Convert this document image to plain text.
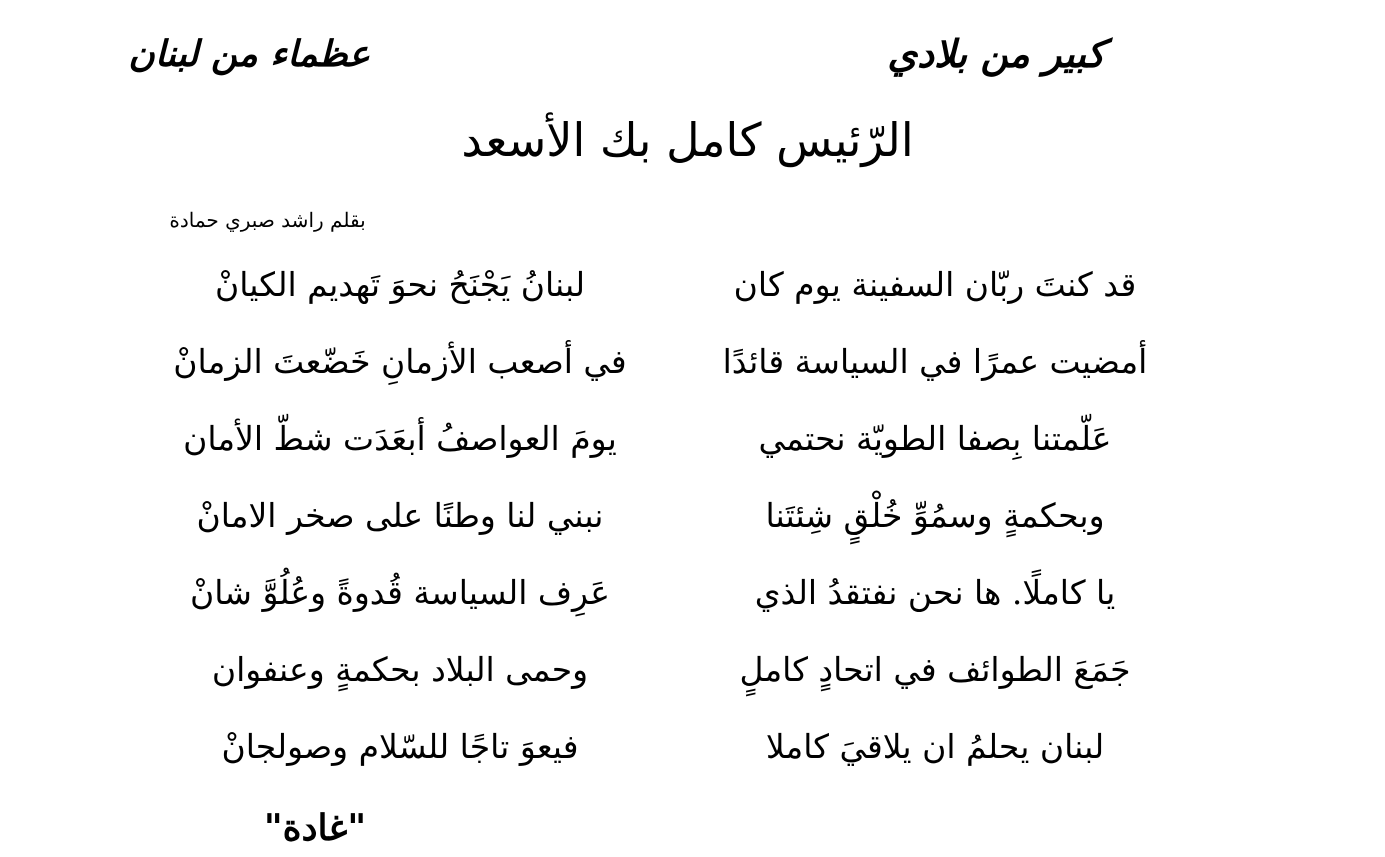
كبير من بلادي
عظماء من لبنان
الرّئيس كامل بك الأسعد
بقلم راشد صبري حمادة
قد كنتَ ربّان السفينة يوم كان
لبنانُ يَجْنَحُ نحوَ تَهديم الكيانْ
أمضيت عمرًا في السياسة قائدًا
في أصعب الأزمانِ خَضّعتَ الزمانْ
عَلّمتنا بِصفا الطويّة نحتمي
يومَ العواصفُ أبعَدَت شطّ الأمان
وبحكمةٍ وسمُوِّ خُلْقٍ شِئتَنا
نبني لنا وطنًا على صخر الامانْ
يا كاملًا. ها نحن نفتقدُ الذي
عَرِف السياسة قُدوةً وعُلُوَّ شانْ
جَمَعَ الطوائف في اتحادٍ كاملٍ
وحمى البلاد بحكمةٍ وعنفوان
لبنان يحلمُ ان يلاقيَ كاملا
فيعوَ تاجًا للسّلام وصولجانْ
"غادة"
